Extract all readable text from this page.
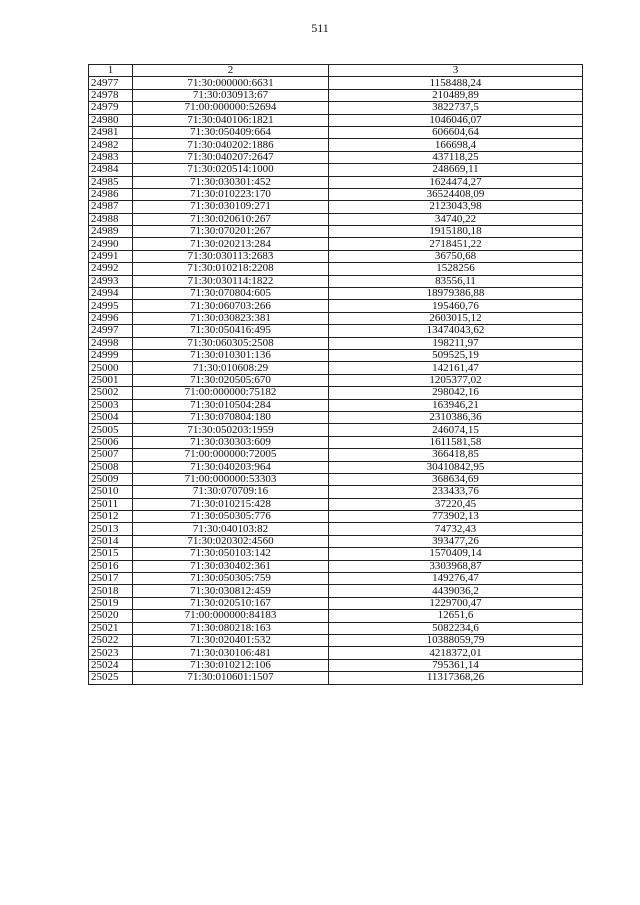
511
1	2	3
24977	71:30:000000:6631	1158488,24
24978	71:30:030913:67	210489,89
24979	71:00:000000:52694	3822737,5
24980	71:30:040106:1821	1046046,07
24981	71:30:050409:664	606604,64
24982	71:30:040202:1886	166698,4
24983	71:30:040207:2647	437118,25
24984	71:30:020514:1000	248669,11
24985	71:30:030301:452	1624474,27
24986	71:30:010223:170	36524408,09
24987	71:30:030109:271	2123043,98
24988	71:30:020610:267	34740,22
24989	71:30:070201:267	1915180,18
24990	71:30:020213:284	2718451,22
24991	71:30:030113:2683	36750,68
24992	71:30:010218:2208	1528256
24993	71:30:030114:1822	83556,11
24994	71:30:070804:605	18979386,88
24995	71:30:060703:266	195460,76
24996	71:30:030823:381	2603015,12
24997	71:30:050416:495	13474043,62
24998	71:30:060305:2508	198211,97
24999	71:30:010301:136	509525,19
25000	71:30:010608:29	142161,47
25001	71:30:020505:670	1205377,02
25002	71:00:000000:75182	298042,16
25003	71:30:010504:284	163946,21
25004	71:30:070804:180	2310386,36
25005	71:30:050203:1959	246074,15
25006	71:30:030303:609	1611581,58
25007	71:00:000000:72005	366418,85
25008	71:30:040203:964	30410842,95
25009	71:00:000000:53303	368634,69
25010	71:30:070709:16	233433,76
25011	71:30:010215:428	37220,45
25012	71:30:050305:776	773902,13
25013	71:30:040103:82	74732,43
25014	71:30:020302:4560	393477,26
25015	71:30:050103:142	1570409,14
25016	71:30:030402:361	3303968,87
25017	71:30:050305:759	149276,47
25018	71:30:030812:459	4439036,2
25019	71:30:020510:167	1229700,47
25020	71:00:000000:84183	12651,6
25021	71:30:080218:163	5082234,6
25022	71:30:020401:532	10388059,79
25023	71:30:030106:481	4218372,01
25024	71:30:010212:106	795361,14
25025	71:30:010601:1507	11317368,26
